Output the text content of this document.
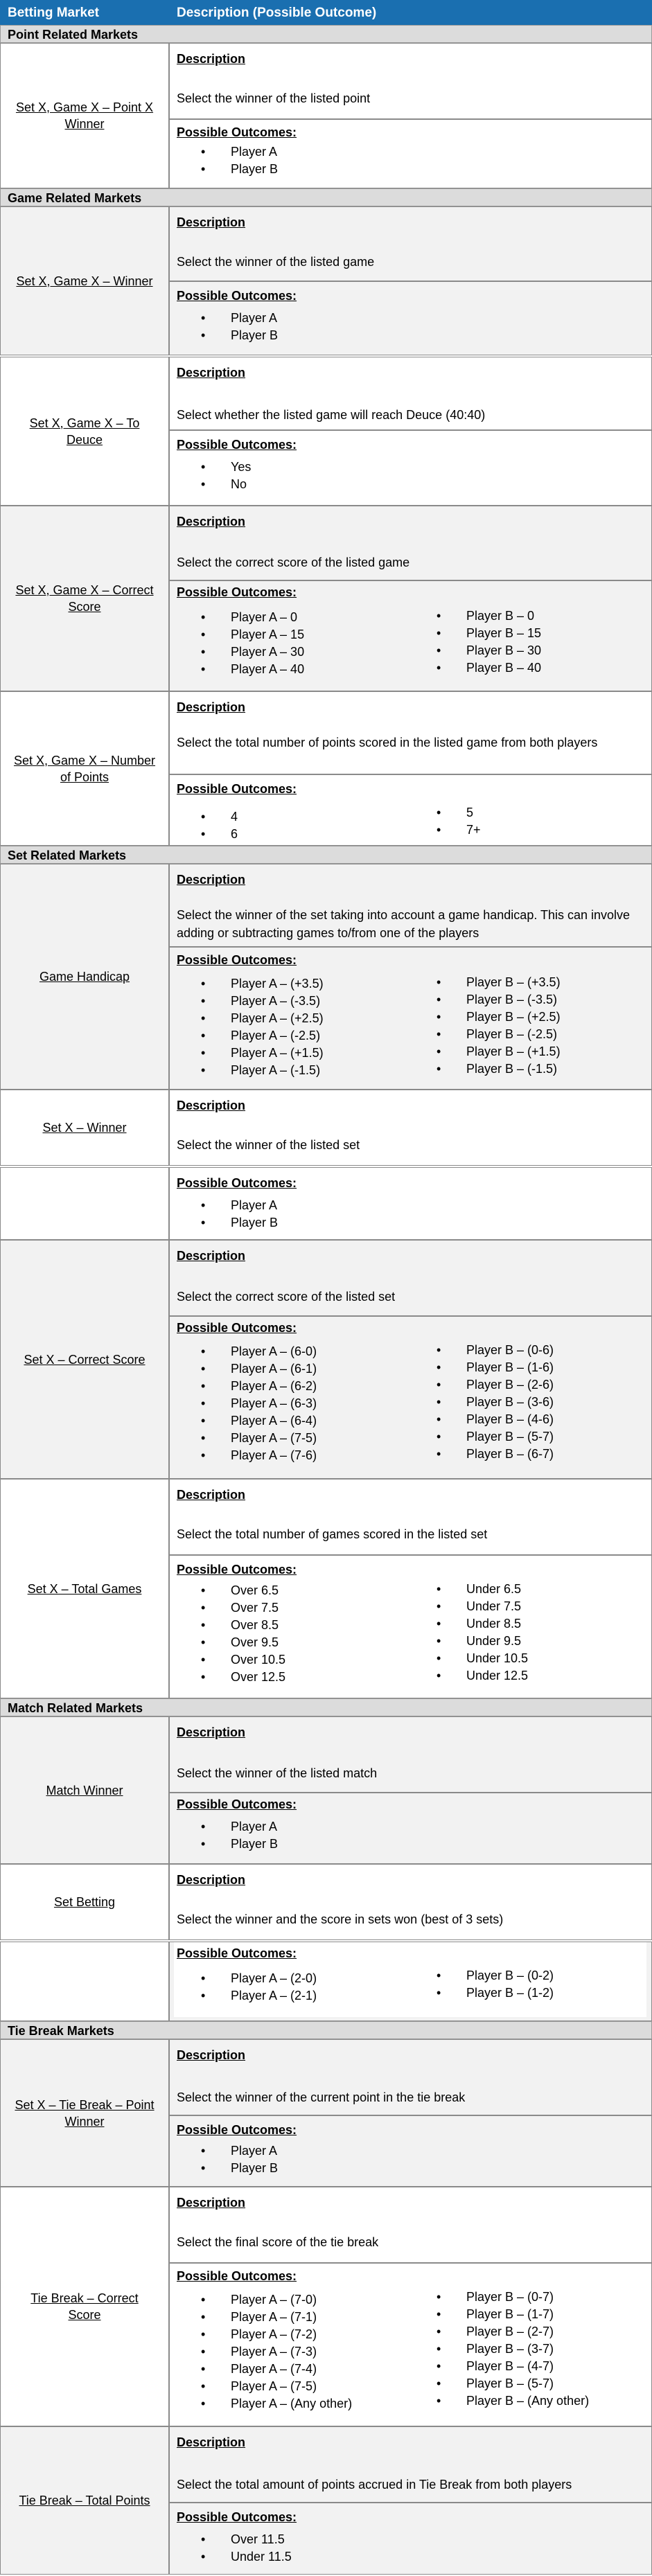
Betting Market	Description (Possible Outcome)
Point Related Markets
Game Related Markets
Set Related Markets
Match Related Markets
Tie Break Markets
Set X, Game X – Point X Winner
Description
Select the winner of the listed point
Possible Outcomes:
• Player A
• Player B
Set X, Game X – Winner
Description
Select the winner of the listed game
Possible Outcomes:
• Player A
• Player B
Set X, Game X – To Deuce
Description
Select whether the listed game will reach Deuce (40:40)
Possible Outcomes:
• Yes
• No
Set X, Game X – Correct Score
Description
Select the correct score of the listed game
Possible Outcomes:
• Player A – 0
• Player A – 15
• Player A – 30
• Player A – 40
• Player B – 0
• Player B – 15
• Player B – 30
• Player B – 40
Set X, Game X – Number of Points
Description
Select the total number of points scored in the listed game from both players
Possible Outcomes:
• 4
• 6
• 5
• 7+
Game Handicap
Description
Select the winner of the set taking into account a game handicap. This can involve adding or subtracting games to/from one of the players
Possible Outcomes:
• Player A – (+3.5)
• Player A – (-3.5)
• Player A – (+2.5)
• Player A – (-2.5)
• Player A – (+1.5)
• Player A – (-1.5)
• Player B – (+3.5)
• Player B – (-3.5)
• Player B – (+2.5)
• Player B – (-2.5)
• Player B – (+1.5)
• Player B – (-1.5)
Set X – Winner
Description
Select the winner of the listed set
Possible Outcomes:
• Player A
• Player B
Set X – Correct Score
Description
Select the correct score of the listed set
Possible Outcomes:
• Player A – (6-0)
• Player A – (6-1)
• Player A – (6-2)
• Player A – (6-3)
• Player A – (6-4)
• Player A – (7-5)
• Player A – (7-6)
• Player B – (0-6)
• Player B – (1-6)
• Player B – (2-6)
• Player B – (3-6)
• Player B – (4-6)
• Player B – (5-7)
• Player B – (6-7)
Set X – Total Games
Description
Select the total number of games scored in the listed set
Possible Outcomes:
• Over 6.5
• Over 7.5
• Over 8.5
• Over 9.5
• Over 10.5
• Over 12.5
• Under 6.5
• Under 7.5
• Under 8.5
• Under 9.5
• Under 10.5
• Under 12.5
Match Winner
Description
Select the winner of the listed match
Possible Outcomes:
• Player A
• Player B
Set Betting
Description
Select the winner and the score in sets won (best of 3 sets)
Possible Outcomes:
• Player A – (2-0)
• Player A – (2-1)
• Player B – (0-2)
• Player B – (1-2)
Set X – Tie Break – Point Winner
Description
Select the winner of the current point in the tie break
Possible Outcomes:
• Player A
• Player B
Tie Break – Correct Score
Description
Select the final score of the tie break
Possible Outcomes:
• Player A – (7-0)
• Player A – (7-1)
• Player A – (7-2)
• Player A – (7-3)
• Player A – (7-4)
• Player A – (7-5)
• Player A – (Any other)
• Player B – (0-7)
• Player B – (1-7)
• Player B – (2-7)
• Player B – (3-7)
• Player B – (4-7)
• Player B – (5-7)
• Player B – (Any other)
Tie Break – Total Points
Description
Select the total amount of points accrued in Tie Break from both players
Possible Outcomes:
• Over 11.5
• Under 11.5
